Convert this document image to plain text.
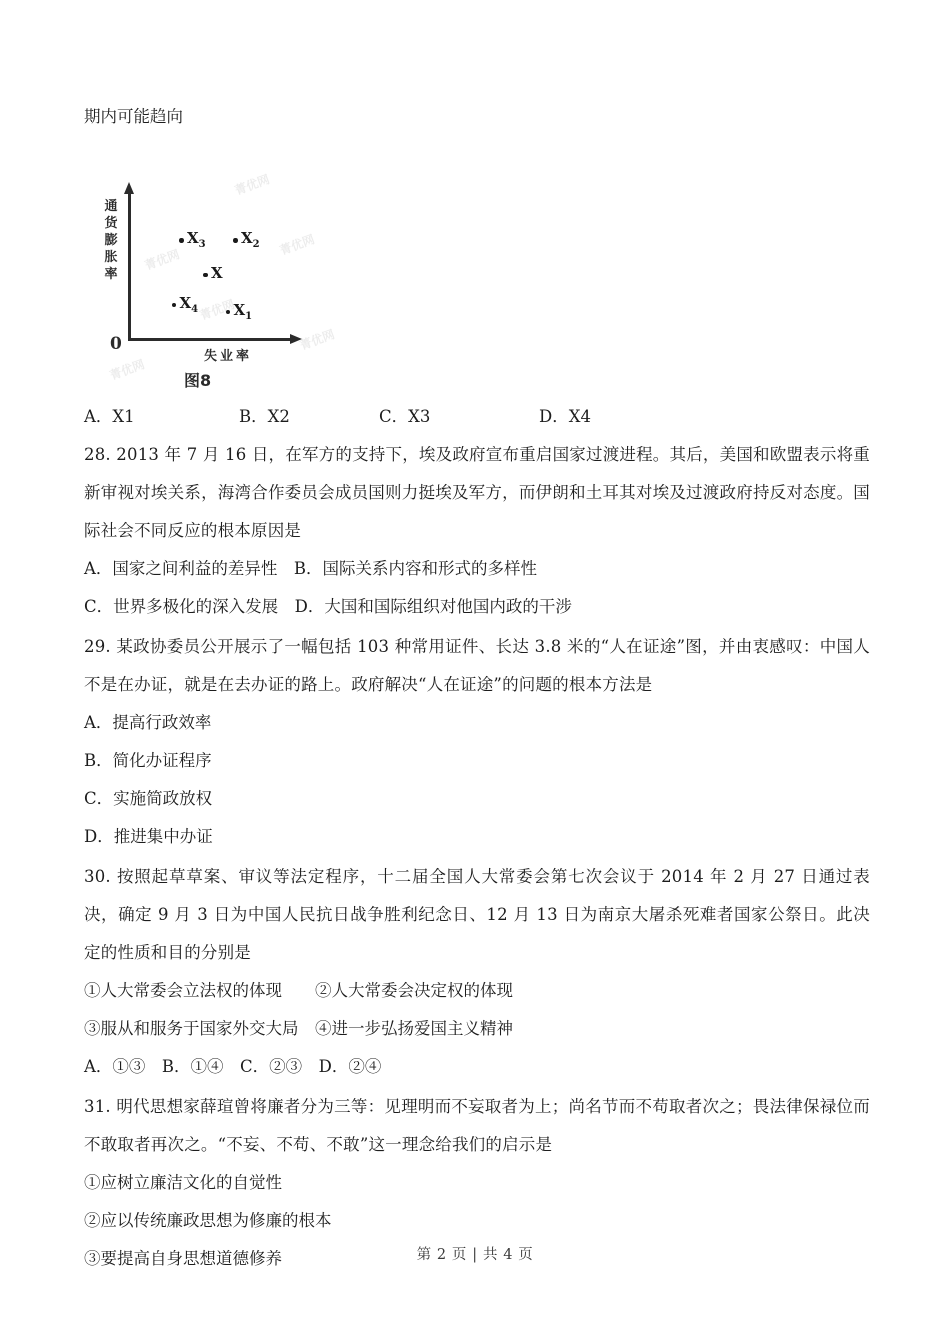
期内可能趋向
菁优网
菁优网
菁优网
菁优网
菁优网
菁优网
通
货
膨
胀
率
失业率
0
$X_3$ $X_2$
X
$X_4$ $X_1$
图8
A．X1	B．X2	C．X3	D．X4

28. 2013 年 7 月 16 日，在军方的支持下，埃及政府宣布重启国家过渡进程。其后，美国和欧盟表示将重新审视对埃关系，海湾合作委员会成员国则力挺埃及军方，而伊朗和土耳其对埃及过渡政府持反对态度。国际社会不同反应的根本原因是

A．国家之间利益的差异性　B．国际关系内容和形式的多样性

C．世界多极化的深入发展　D．大国和国际组织对他国内政的干涉

29. 某政协委员公开展示了一幅包括 103 种常用证件、长达 3.8 米的“人在证途”图，并由衷感叹：中国人不是在办证，就是在去办证的路上。政府解决“人在证途”的问题的根本方法是

A．提高行政效率

B．简化办证程序

C．实施简政放权

D．推进集中办证

30. 按照起草草案、审议等法定程序，十二届全国人大常委会第七次会议于 2014 年 2 月 27 日通过表决，确定 9 月 3 日为中国人民抗日战争胜利纪念日、12 月 13 日为南京大屠杀死难者国家公祭日。此决定的性质和目的分别是

①人大常委会立法权的体现　　②人大常委会决定权的体现

③服从和服务于国家外交大局　④进一步弘扬爱国主义精神

A．①③　B．①④　C．②③　D．②④

31. 明代思想家薛瑄曾将廉者分为三等：见理明而不妄取者为上；尚名节而不苟取者次之；畏法律保禄位而不敢取者再次之。“不妄、不苟、不敢”这一理念给我们的启示是

①应树立廉洁文化的自觉性

②应以传统廉政思想为修廉的根本

③要提高自身思想道德修养	第 2 页 | 共 4 页
